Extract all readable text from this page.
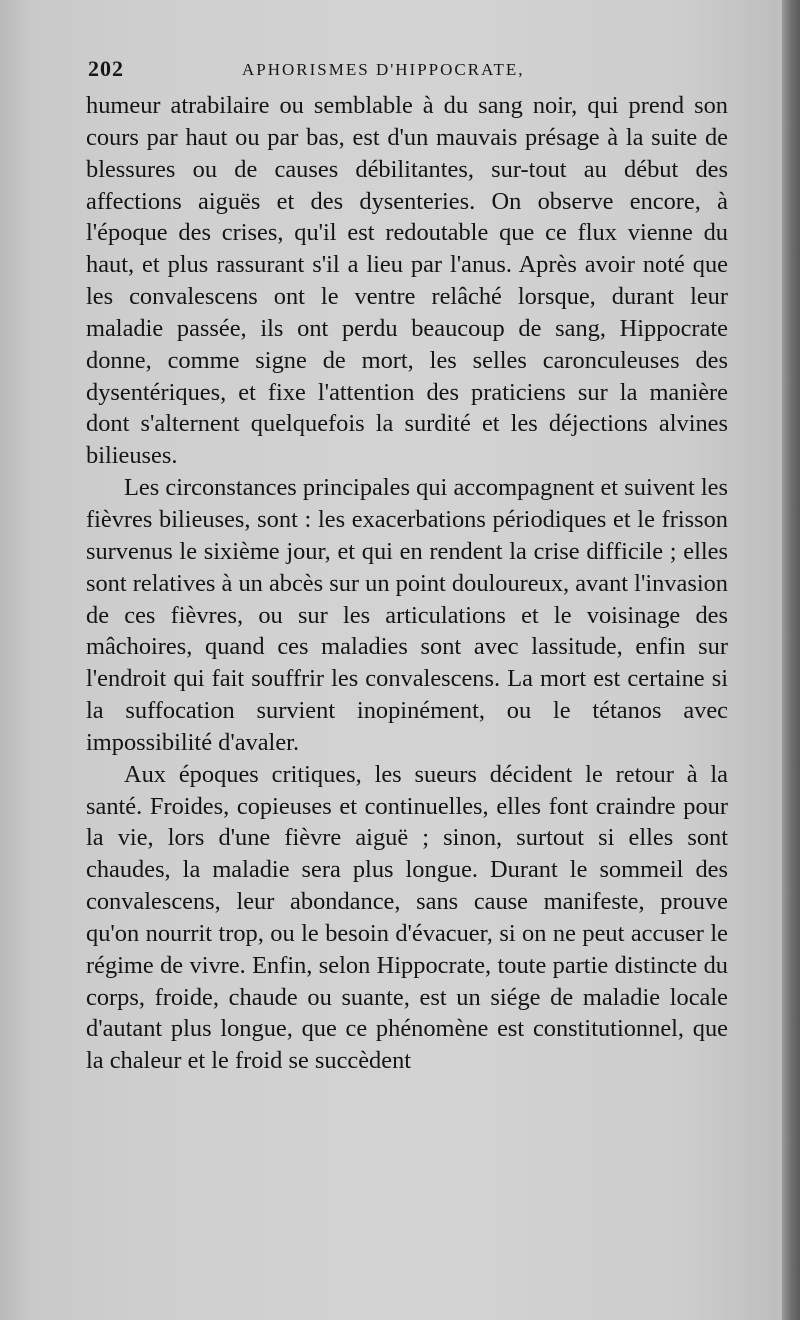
202	APHORISMES D'HIPPOCRATE,

humeur atrabilaire ou semblable à du sang noir, qui prend son cours par haut ou par bas, est d'un mauvais présage à la suite de blessures ou de causes débilitantes, sur-tout au début des affections aiguës et des dysenteries. On observe encore, à l'époque des crises, qu'il est redoutable que ce flux vienne du haut, et plus rassurant s'il a lieu par l'anus. Après avoir noté que les convalescens ont le ventre relâché lorsque, durant leur maladie passée, ils ont perdu beaucoup de sang, Hippocrate donne, comme signe de mort, les selles caronculeuses des dysentériques, et fixe l'attention des praticiens sur la manière dont s'alternent quelquefois la surdité et les déjections alvines bilieuses.

Les circonstances principales qui accompagnent et suivent les fièvres bilieuses, sont : les exacerbations périodiques et le frisson survenus le sixième jour, et qui en rendent la crise difficile ; elles sont relatives à un abcès sur un point douloureux, avant l'invasion de ces fièvres, ou sur les articulations et le voisinage des mâchoires, quand ces maladies sont avec lassitude, enfin sur l'endroit qui fait souffrir les convalescens. La mort est certaine si la suffocation survient inopinément, ou le tétanos avec impossibilité d'avaler.

Aux époques critiques, les sueurs décident le retour à la santé. Froides, copieuses et continuelles, elles font craindre pour la vie, lors d'une fièvre aiguë ; sinon, surtout si elles sont chaudes, la maladie sera plus longue. Durant le sommeil des convalescens, leur abondance, sans cause manifeste, prouve qu'on nourrit trop, ou le besoin d'évacuer, si on ne peut accuser le régime de vivre. Enfin, selon Hippocrate, toute partie distincte du corps, froide, chaude ou suante, est un siége de maladie locale d'autant plus longue, que ce phénomène est constitutionnel, que la chaleur et le froid se succèdent
